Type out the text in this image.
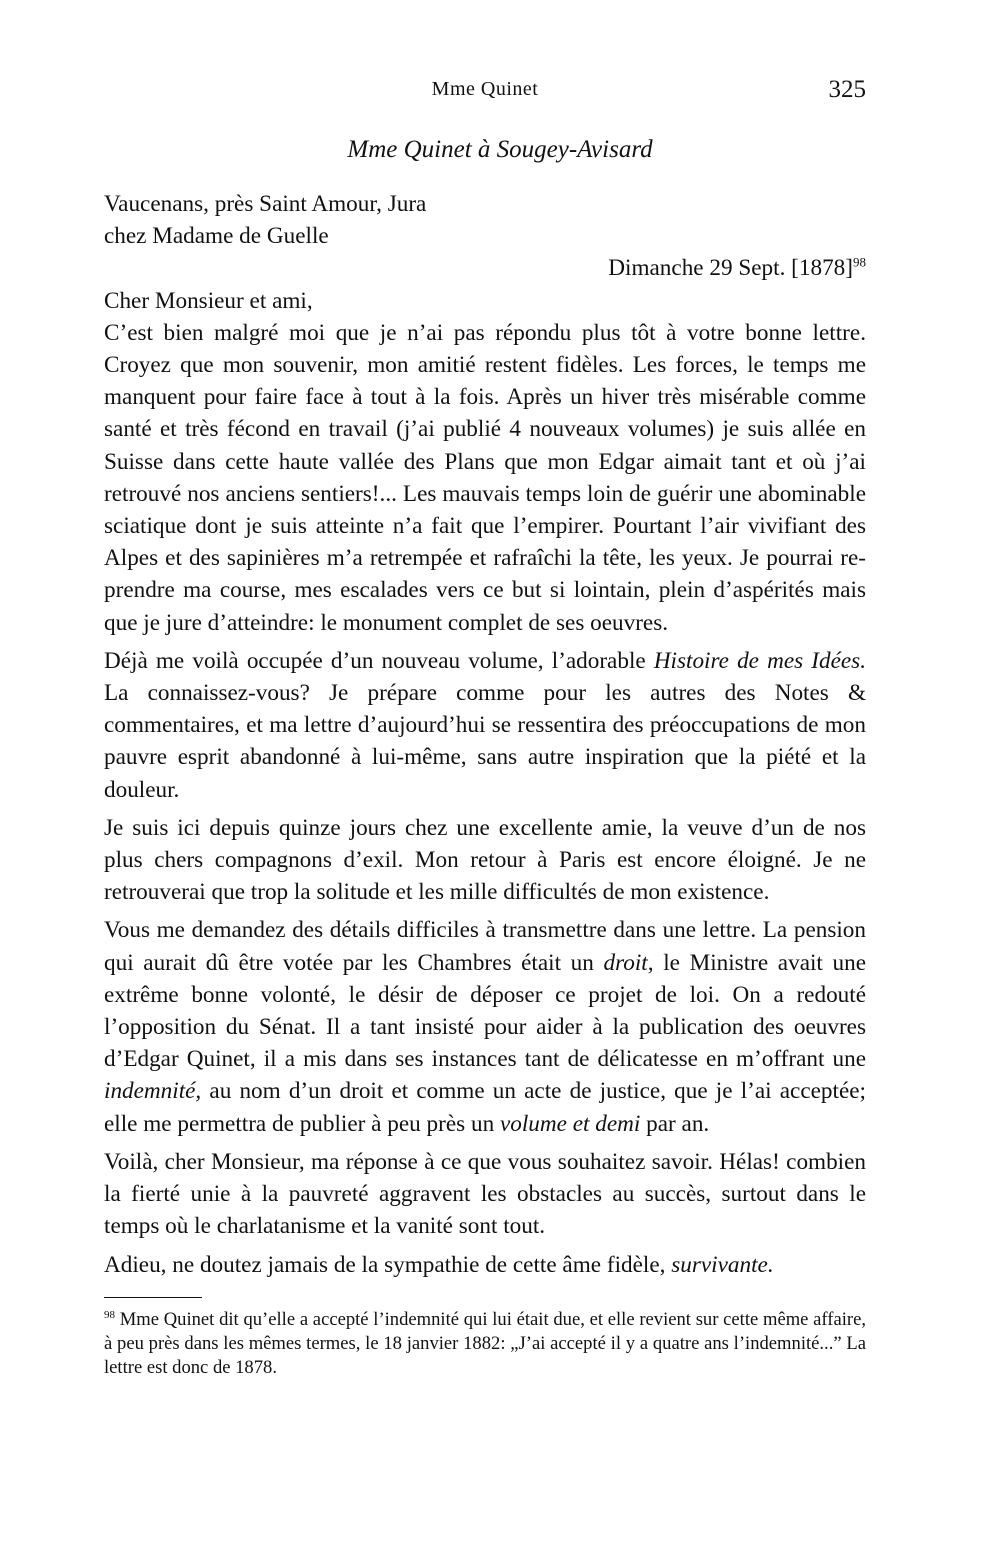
Mme Quinet	325
Mme Quinet à Sougey-Avisard

Vaucenans, près Saint Amour, Jura

chez Madame de Guelle

Dimanche 29 Sept. $[1878]^{98}$

Cher Monsieur et ami,

C’est bien malgré moi que je n’ai pas répondu plus tôt à votre bonne lettre. Croyez que mon souvenir, mon amitié restent fidèles. Les forces, le temps me manquent pour faire face à tout à la fois. Après un hiver très misérable comme santé et très fécond en travail (j’ai publié 4 nouveaux volumes) je suis allée en Suisse dans cette haute vallée des Plans que mon Edgar aimait tant et où j’ai retrouvé nos anciens sentiers!... Les mauvais temps loin de guérir une abominable sciatique dont je suis atteinte n’a fait que l’empirer. Pourtant l’air vivifiant des Alpes et des sapinières m’a retrempée et rafraîchi la tête, les yeux. Je pourrai reprendre ma course, mes escalades vers ce but si lointain, plein d’aspérités mais que je jure d’atteindre: le monument complet de ses oeuvres.

Déjà me voilà occupée d’un nouveau volume, l’adorable Histoire de mes Idées. La connaissez-vous? Je prépare comme pour les autres des Notes & commentaires, et ma lettre d’aujourd’hui se ressentira des préoccupations de mon pauvre esprit abandonné à lui-même, sans autre inspiration que la piété et la douleur.

Je suis ici depuis quinze jours chez une excellente amie, la veuve d’un de nos plus chers compagnons d’exil. Mon retour à Paris est encore éloigné. Je ne retrouverai que trop la solitude et les mille difficultés de mon existence.

Vous me demandez des détails difficiles à transmettre dans une lettre. La pension qui aurait dû être votée par les Chambres était un droit, le Ministre avait une extrême bonne volonté, le désir de déposer ce projet de loi. On a redouté l’opposition du Sénat. Il a tant insisté pour aider à la publication des oeuvres d’Edgar Quinet, il a mis dans ses instances tant de délicatesse en m’offrant une indemnité, au nom d’un droit et comme un acte de justice, que je l’ai acceptée; elle me permettra de publier à peu près un volume et demi par an.

Voilà, cher Monsieur, ma réponse à ce que vous souhaitez savoir. Hélas! combien la fierté unie à la pauvreté aggravent les obstacles au succès, surtout dans le temps où le charlatanisme et la vanité sont tout.

Adieu, ne doutez jamais de la sympathie de cette âme fidèle, survivante.

$^{98}$ Mme Quinet dit qu’elle a accepté l’indemnité qui lui était due, et elle revient sur cette même affaire, à peu près dans les mêmes termes, le 18 janvier 1882: „J’ai accepté il y a quatre ans l’indemnité...” La lettre est donc de 1878.
